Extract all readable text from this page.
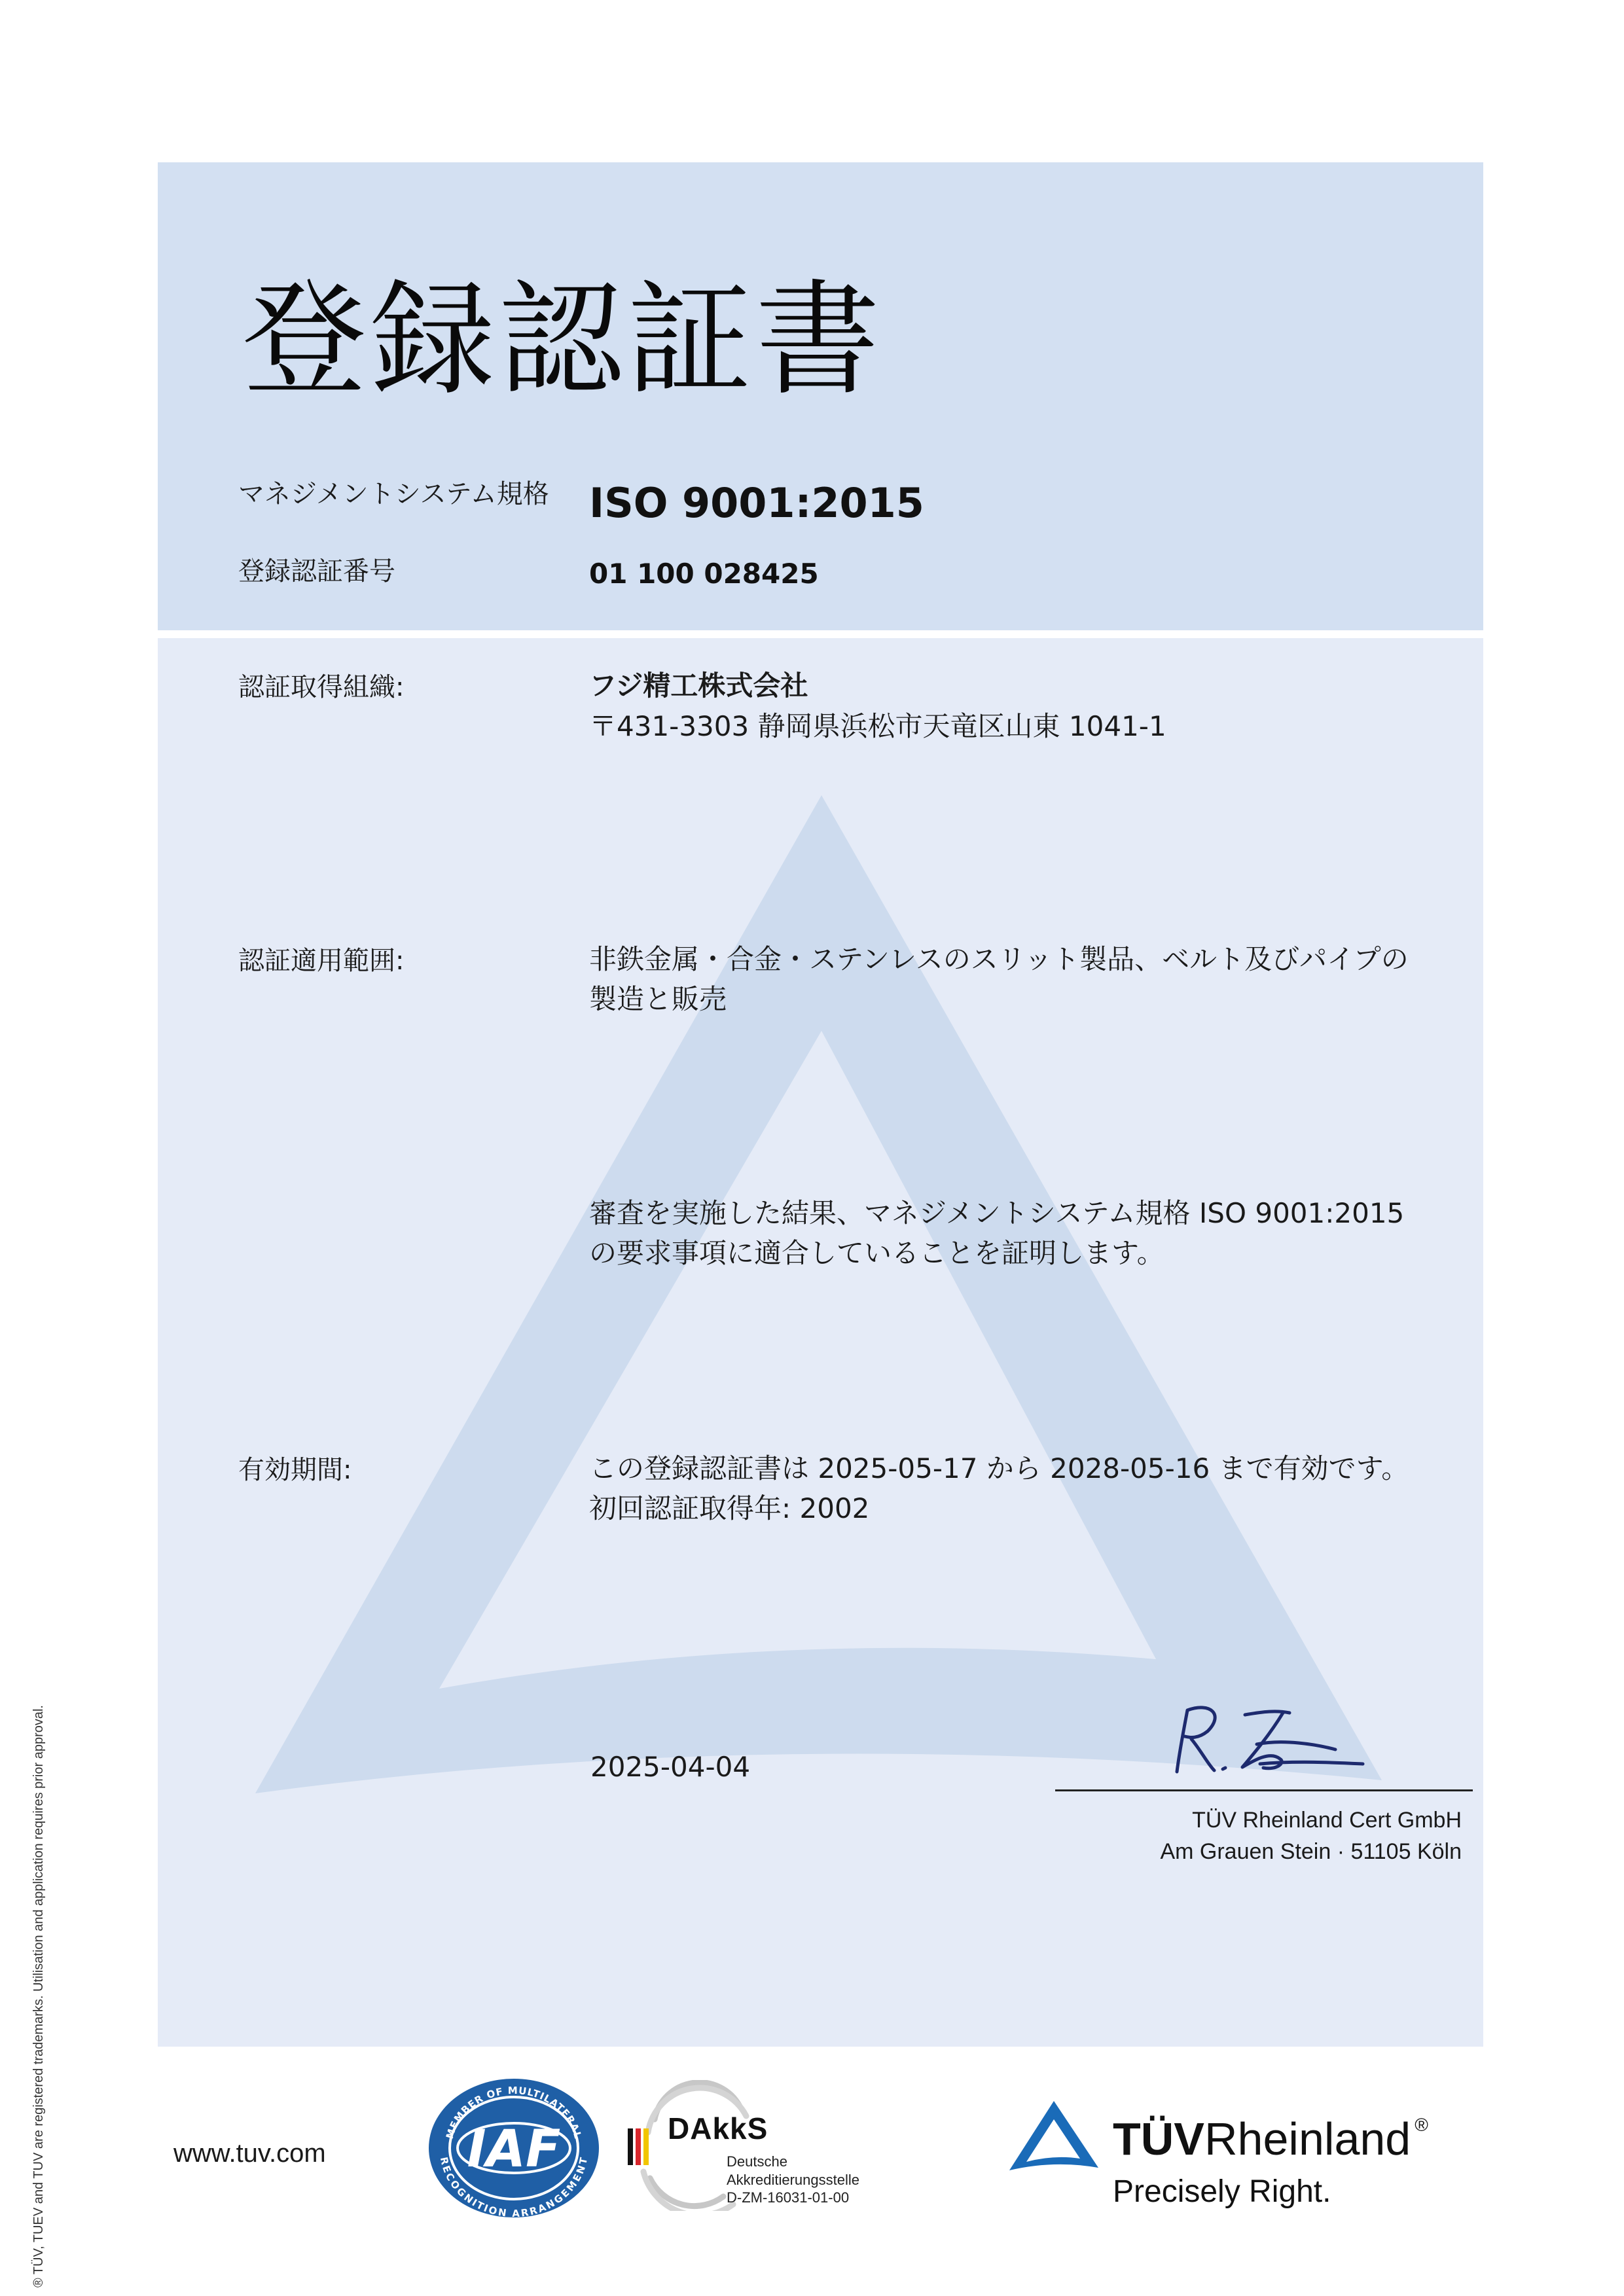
登録認証書
マネジメントシステム規格 ISO 9001:2015
登録認証番号	01 100 028425
認証取得組織:	フジ精工株式会社
〒431-3303 静岡県浜松市天竜区山東 1041-1
認証適用範囲:	非鉄金属・合金・ステンレスのスリット製品、ベルト及びパイプの
製造と販売
審査を実施した結果、マネジメントシステム規格 ISO 9001:2015
の要求事項に適合していることを証明します。
有効期間:	この登録認証書は 2025-05-17 から 2028-05-16 まで有効です。
初回認証取得年: 2002
2025-04-04
TÜV Rheinland Cert GmbH
Am Grauen Stein · 51105 Köln
® TÜV, TUEV and TUV are registered trademarks. Utilisation and application requires prior approval.	www.tuv.com
MEMBER OF MULTILATERAL
RECOGNITION ARRANGEMENT
IAF	DAkkS
Deutsche
Akkreditierungsstelle
D-ZM-16031-01-00
TÜVRheinland ®
Precisely Right.
